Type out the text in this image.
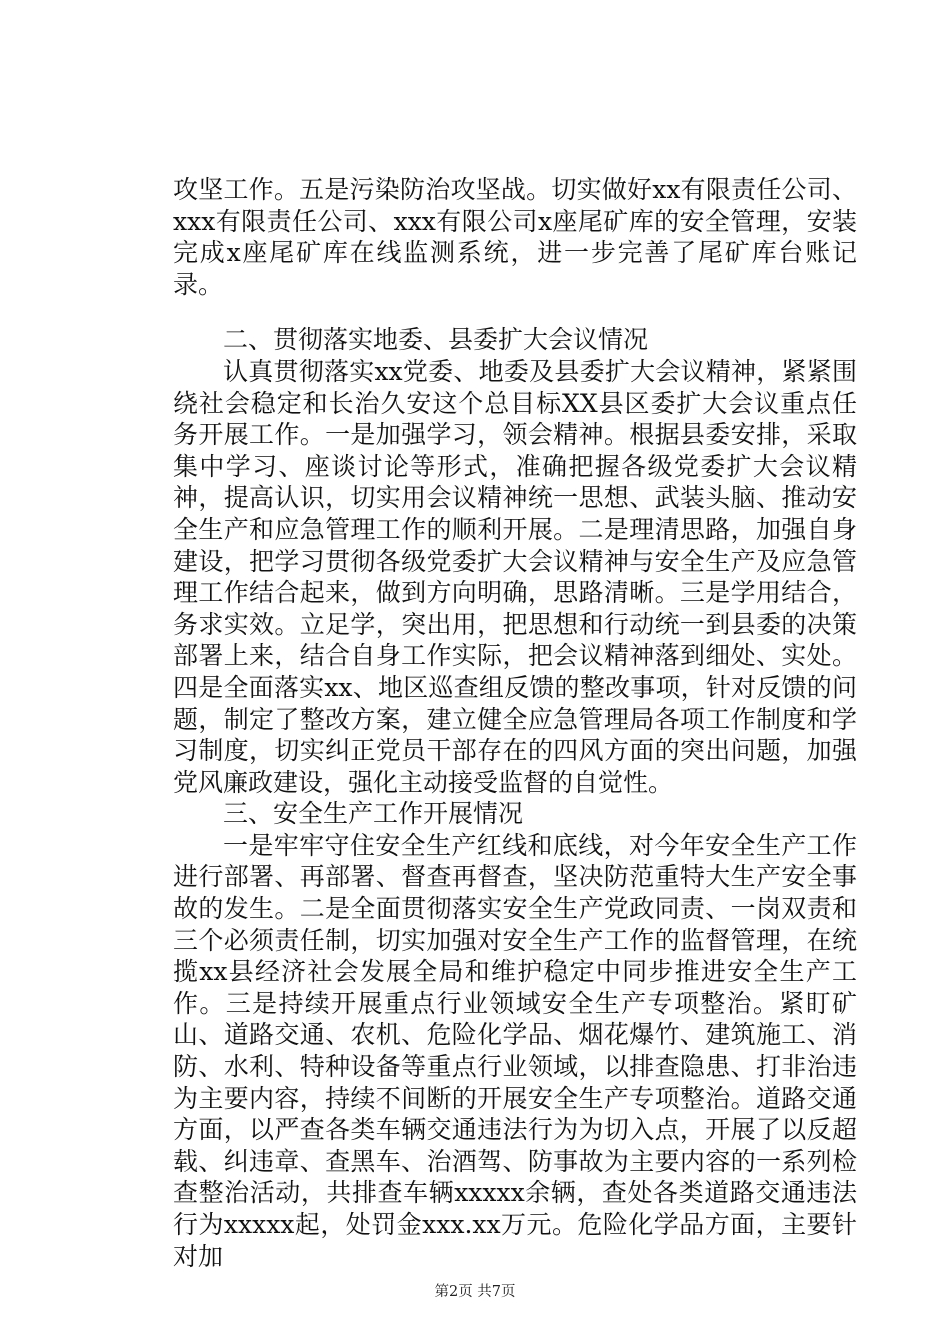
攻坚工作。五是污染防治攻坚战。切实做好xx有限责任公司、xxx有限责任公司、xxx有限公司x座尾矿库的安全管理，安装完成x座尾矿库在线监测系统，进一步完善了尾矿库台账记录。

二、贯彻落实地委、县委扩大会议情况

认真贯彻落实xx党委、地委及县委扩大会议精神，紧紧围绕社会稳定和长治久安这个总目标XX县区委扩大会议重点任务开展工作。一是加强学习，领会精神。根据县委安排，采取集中学习、座谈讨论等形式，准确把握各级党委扩大会议精神，提高认识，切实用会议精神统一思想、武装头脑、推动安全生产和应急管理工作的顺利开展。二是理清思路，加强自身建设，把学习贯彻各级党委扩大会议精神与安全生产及应急管理工作结合起来，做到方向明确，思路清晰。三是学用结合，务求实效。立足学，突出用，把思想和行动统一到县委的决策部署上来，结合自身工作实际，把会议精神落到细处、实处。四是全面落实xx、地区巡查组反馈的整改事项，针对反馈的问题，制定了整改方案，建立健全应急管理局各项工作制度和学习制度，切实纠正党员干部存在的四风方面的突出问题，加强党风廉政建设，强化主动接受监督的自觉性。

三、安全生产工作开展情况

一是牢牢守住安全生产红线和底线，对今年安全生产工作进行部署、再部署、督查再督查，坚决防范重特大生产安全事故的发生。二是全面贯彻落实安全生产党政同责、一岗双责和三个必须责任制，切实加强对安全生产工作的监督管理，在统揽xx县经济社会发展全局和维护稳定中同步推进安全生产工作。三是持续开展重点行业领域安全生产专项整治。紧盯矿山、道路交通、农机、危险化学品、烟花爆竹、建筑施工、消防、水利、特种设备等重点行业领域，以排查隐患、打非治违为主要内容，持续不间断的开展安全生产专项整治。道路交通方面，以严查各类车辆交通违法行为为切入点，开展了以反超载、纠违章、查黑车、治酒驾、防事故为主要内容的一系列检查整治活动，共排查车辆xxxxx余辆，查处各类道路交通违法行为xxxxx起，处罚金xxx.xx万元。危险化学品方面，主要针对加

第2页 共7页
